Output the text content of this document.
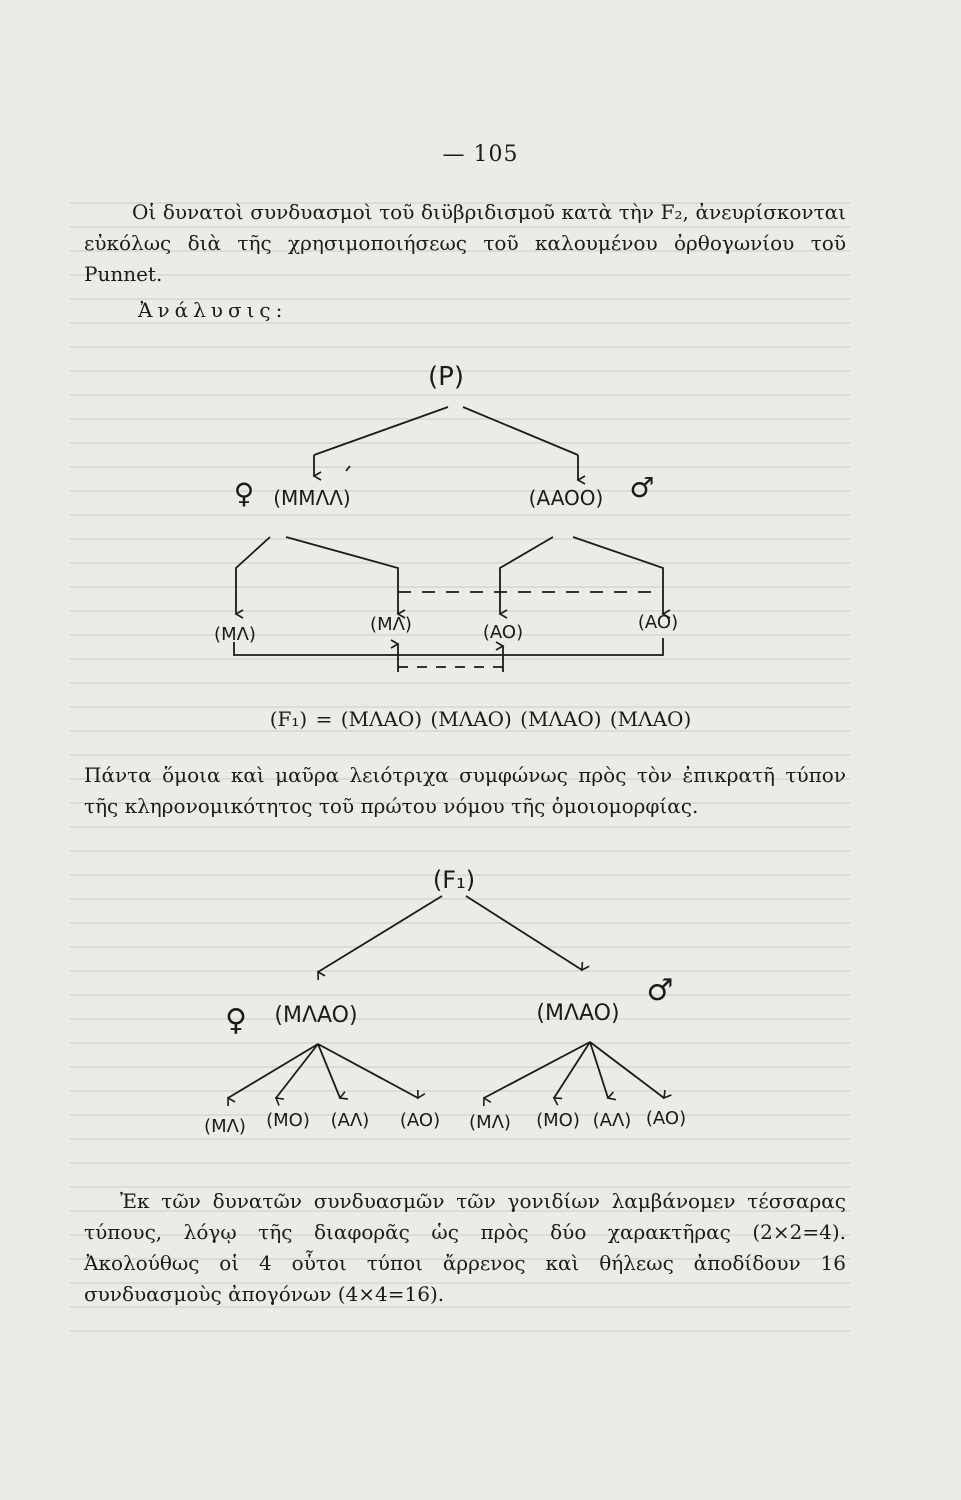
— 105
Οἱ δυνατοὶ συνδυασμοὶ τοῦ διϋβριδισμοῦ κατὰ τὴν F₂, ἀνευρίσκονται εὐκόλως διὰ τῆς χρησιμοποιήσεως τοῦ καλουμένου ὀρθογωνίου τοῦ Punnet.
Ἀνάλυσις:
(P)
♀ (MMΛΛ)	(AAOO) ♂
(MΛ)	(MΛ)	(AO)	(AO)
(F₁)
♀ (MΛAO)	(MΛAO)
♂
(MΛ) (MO) (AΛ) (AO) (MΛ) (MO) (AΛ) (AO)
(F₁) = (ΜΛΑΟ) (ΜΛΑΟ) (ΜΛΑΟ) (ΜΛΑΟ)
Πάντα ὅμοια καὶ μαῦρα λειότριχα συμφώνως πρὸς τὸν ἐπικρατῆ τύπον τῆς κληρονομικότητος τοῦ πρώτου νόμου τῆς ὁμοιομορφίας.
Ἐκ τῶν δυνατῶν συνδυασμῶν τῶν γονιδίων λαμβάνομεν τέσσαρας τύπους, λόγῳ τῆς διαφορᾶς ὡς πρὸς δύο χαρακτῆρας (2×2=4). Ἀκολούθως οἱ 4 οὗτοι τύποι ἄρρενος καὶ θήλεως ἀποδίδουν 16 συνδυασμοὺς ἀπογόνων (4×4=16).
